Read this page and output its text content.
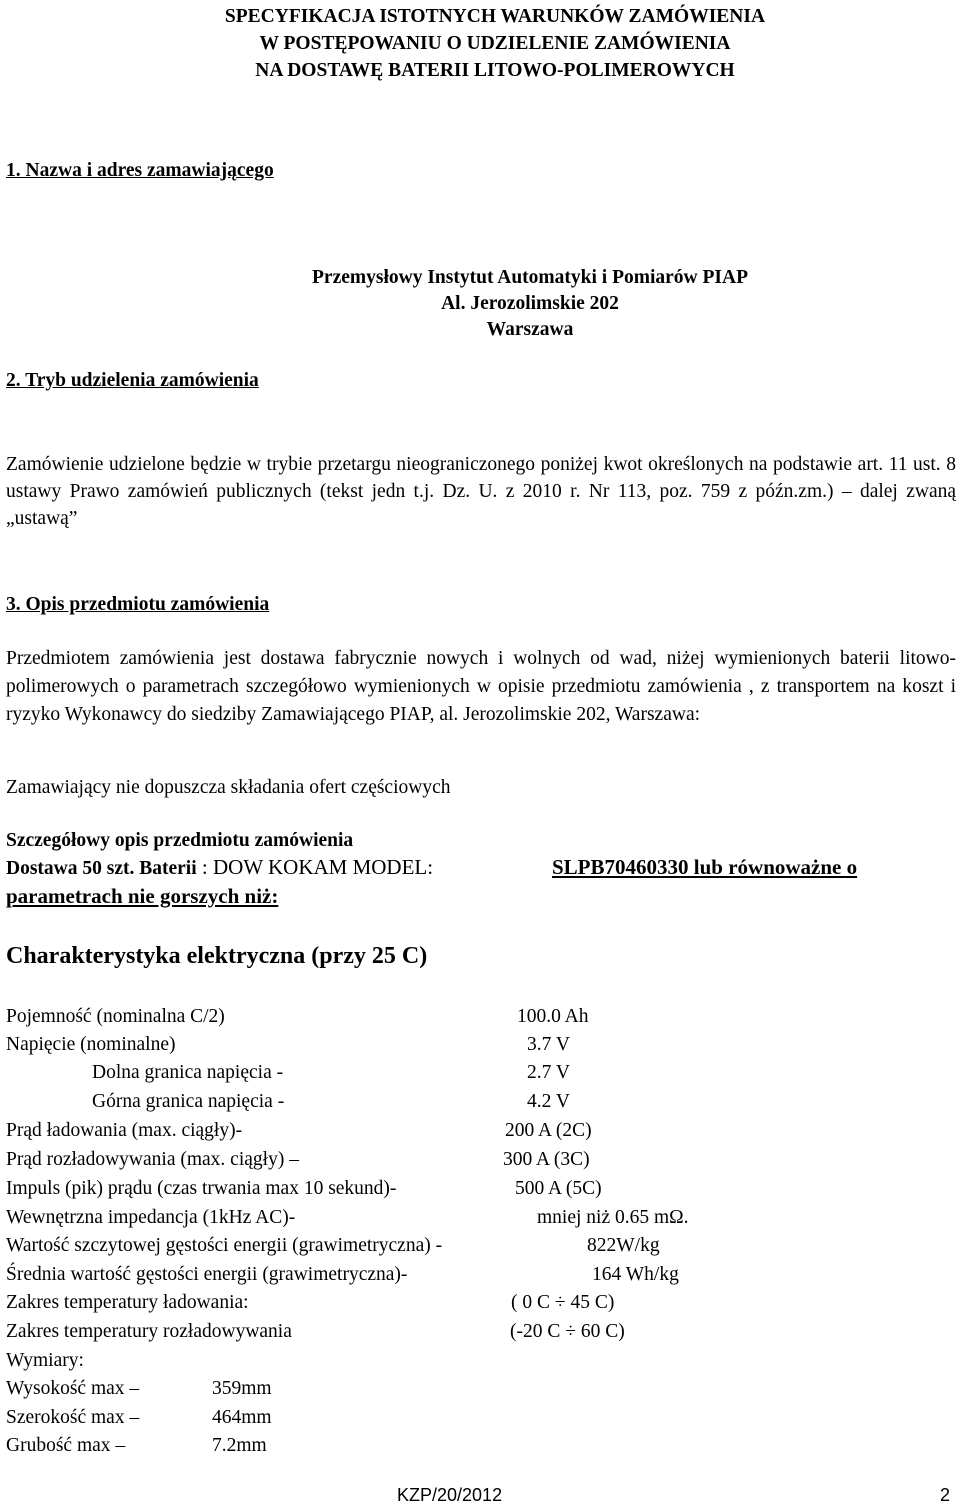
SPECYFIKACJA ISTOTNYCH WARUNKÓW ZAMÓWIENIA
W POSTĘPOWANIU O UDZIELENIE ZAMÓWIENIA
NA DOSTAWĘ BATERII LITOWO-POLIMEROWYCH
1. Nazwa i adres zamawiającego
Przemysłowy Instytut Automatyki i Pomiarów PIAP
Al. Jerozolimskie 202
Warszawa
2. Tryb udzielenia zamówienia
Zamówienie udzielone będzie w trybie przetargu nieograniczonego poniżej kwot określonych na podstawie art. 11 ust. 8 ustawy Prawo zamówień publicznych (tekst jedn t.j. Dz. U. z 2010 r. Nr 113, poz. 759 z późn.zm.) – dalej zwaną „ustawą”
3. Opis przedmiotu zamówienia
Przedmiotem zamówienia jest dostawa fabrycznie nowych i wolnych od wad, niżej wymienionych baterii litowo-polimerowych o parametrach szczegółowo wymienionych w opisie przedmiotu zamówienia , z transportem na koszt i ryzyko Wykonawcy do siedziby Zamawiającego PIAP, al. Jerozolimskie 202, Warszawa:
Zamawiający nie dopuszcza składania ofert częściowych
Szczegółowy opis przedmiotu zamówienia
Dostawa 50 szt. Baterii : DOW KOKAM MODEL:	SLPB70460330 lub równoważne o
parametrach nie gorszych niż:
Charakterystyka elektryczna (przy 25 C)
Pojemność (nominalna C/2)	100.0 Ah
Napięcie (nominalne)	3.7 V
Dolna granica napięcia -	2.7 V
Górna granica napięcia -	4.2 V
Prąd ładowania (max. ciągły)-	200 A (2C)
Prąd rozładowywania (max. ciągły) –	300 A (3C)
Impuls (pik) prądu (czas trwania max 10 sekund)-	500 A (5C)
Wewnętrzna impedancja (1kHz AC)-	mniej niż 0.65 mΩ.
Wartość szczytowej gęstości energii (grawimetryczna) -	822W/kg
Średnia wartość gęstości energii (grawimetryczna)-	164 Wh/kg
Zakres temperatury ładowania:	( 0 C ÷ 45 C)
Zakres temperatury rozładowywania	(-20 C ÷ 60 C)
Wymiary:
Wysokość max –	359mm
Szerokość max –	464mm
Grubość max –	7.2mm
KZP/20/2012	2
